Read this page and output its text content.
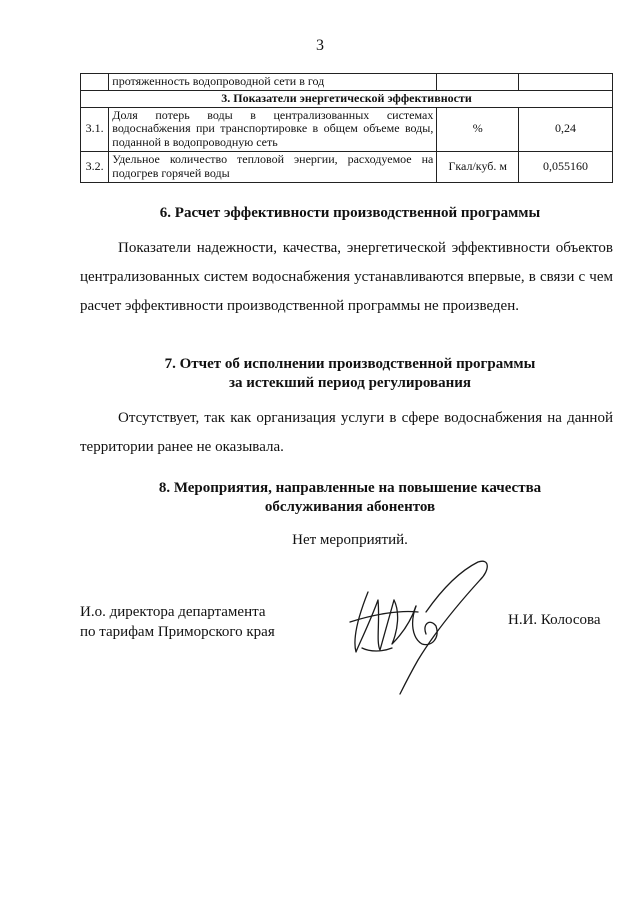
3
	протяженность водопроводной сети в год		
3. Показатели энергетической эффективности			
3.1.	Доля потерь воды в централизованных системах водоснабжения при транспортировке в общем объеме воды, поданной в водопроводную сеть	%	0,24
3.2.	Удельное количество тепловой энергии, расходуемое на подогрев горячей воды	Гкал/куб. м	0,055160
6. Расчет эффективности производственной программы
Показатели надежности, качества, энергетической эффективности объектов централизованных систем водоснабжения устанавливаются впервые, в связи с чем расчет эффективности производственной программы не произведен.
7. Отчет об исполнении производственной программы
за истекший период регулирования
Отсутствует, так как организация услуги в сфере водоснабжения на данной территории ранее не оказывала.
8. Мероприятия, направленные на повышение качества
обслуживания абонентов
Нет мероприятий.
И.о. директора департамента
по тарифам Приморского края
Н.И. Колосова
